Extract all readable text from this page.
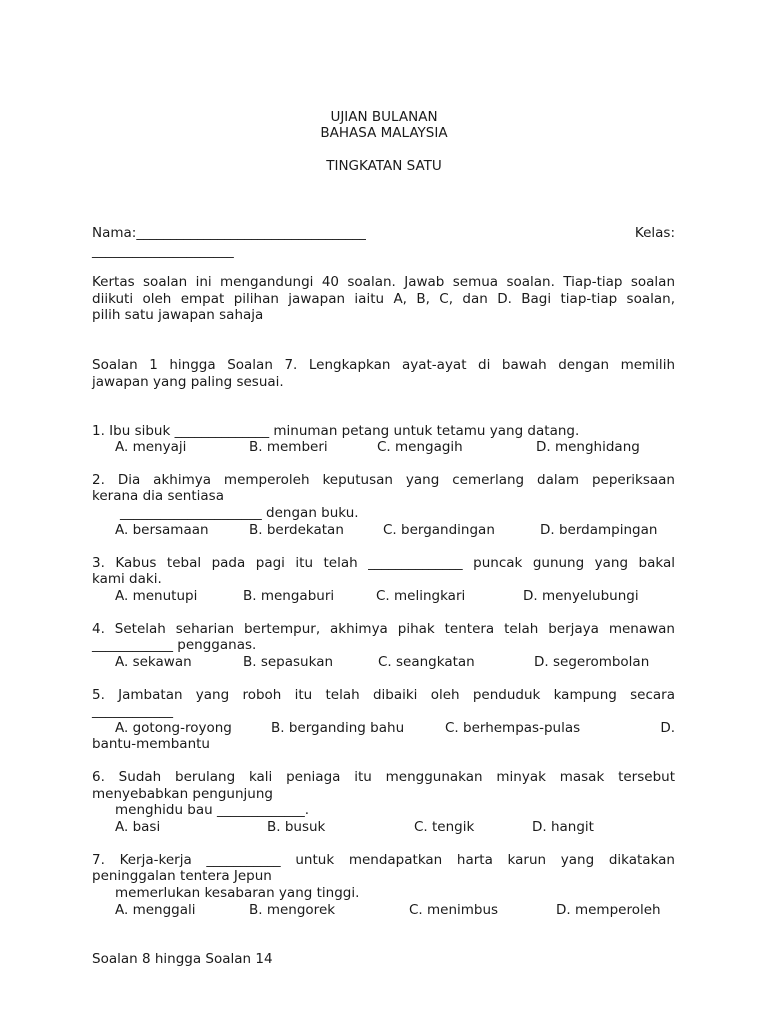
UJIAN BULANAN
BAHASA MALAYSIA
TINGKATAN SATU
Nama:__________________________________	Kelas:
_____________________
Kertas soalan ini mengandungi 40 soalan. Jawab semua soalan. Tiap-tiap soalan
diikuti oleh empat pilihan jawapan iaitu A, B, C, dan D. Bagi tiap-tiap soalan,
pilih satu jawapan sahaja
Soalan 1 hingga Soalan 7. Lengkapkan ayat-ayat di bawah dengan memilih
jawapan yang paling sesuai.
1. Ibu sibuk ______________ minuman petang untuk tetamu yang datang.
A. menyaji	B. memberi	C. mengagih	D. menghidang
2. Dia akhimya memperoleh keputusan yang cemerlang dalam peperiksaan
kerana dia sentiasa
_____________________ dengan buku.
A. bersamaan	B. berdekatan	C. bergandingan	D. berdampingan
3. Kabus tebal pada pagi itu telah ______________ puncak gunung yang bakal
kami daki.
A. menutupi	B. mengaburi	C. melingkari	D. menyelubungi
4. Setelah seharian bertempur, akhimya pihak tentera telah berjaya menawan
____________ pengganas.
A. sekawan	B. sepasukan	C. seangkatan	D. segerombolan
5. Jambatan yang roboh itu telah dibaiki oleh penduduk kampung secara
____________
A. gotong-royong	B. berganding bahu	C. berhempas-pulas	D.
bantu-membantu
6. Sudah berulang kali peniaga itu menggunakan minyak masak tersebut
menyebabkan pengunjung
menghidu bau _____________.
A. basi	B. busuk	C. tengik	D. hangit
7. Kerja-kerja ___________ untuk mendapatkan harta karun yang dikatakan
peninggalan tentera Jepun
memerlukan kesabaran yang tinggi.
A. menggali	B. mengorek	C. menimbus	D. memperoleh
Soalan 8 hingga Soalan 14
